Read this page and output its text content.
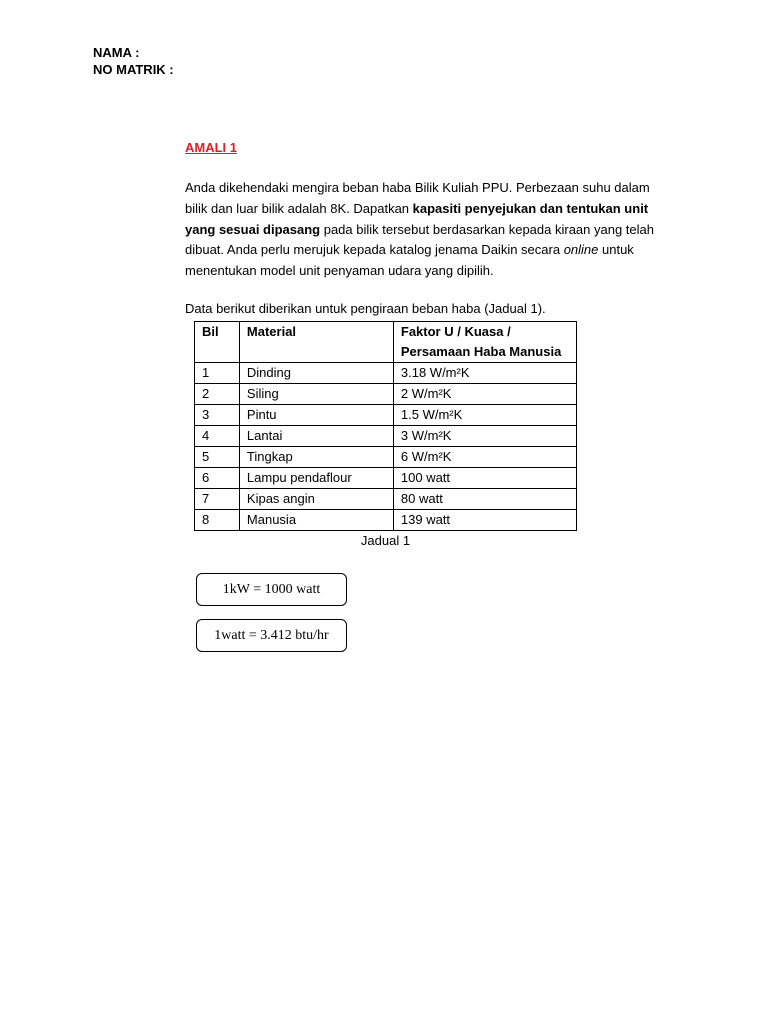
NAMA :
NO MATRIK :
AMALI 1
Anda dikehendaki mengira beban haba Bilik Kuliah PPU. Perbezaan suhu dalam bilik dan luar bilik adalah 8K. Dapatkan kapasiti penyejukan dan tentukan unit yang sesuai dipasang pada bilik tersebut berdasarkan kepada kiraan yang telah dibuat. Anda perlu merujuk kepada katalog jenama Daikin secara online untuk menentukan model unit penyaman udara yang dipilih.
Data berikut diberikan untuk pengiraan beban haba (Jadual 1).
Bil	Material	Faktor U / Kuasa /
Persamaan Haba Manusia

1	Dinding	3.18 W/m²K
2	Siling	2 W/m²K
3	Pintu	1.5 W/m²K
4	Lantai	3 W/m²K
5	Tingkap	6 W/m²K
6	Lampu pendaflour	100 watt
7	Kipas angin	80 watt
8	Manusia	139 watt
Jadual 1
1kW = 1000 watt
1watt = 3.412 btu/hr
